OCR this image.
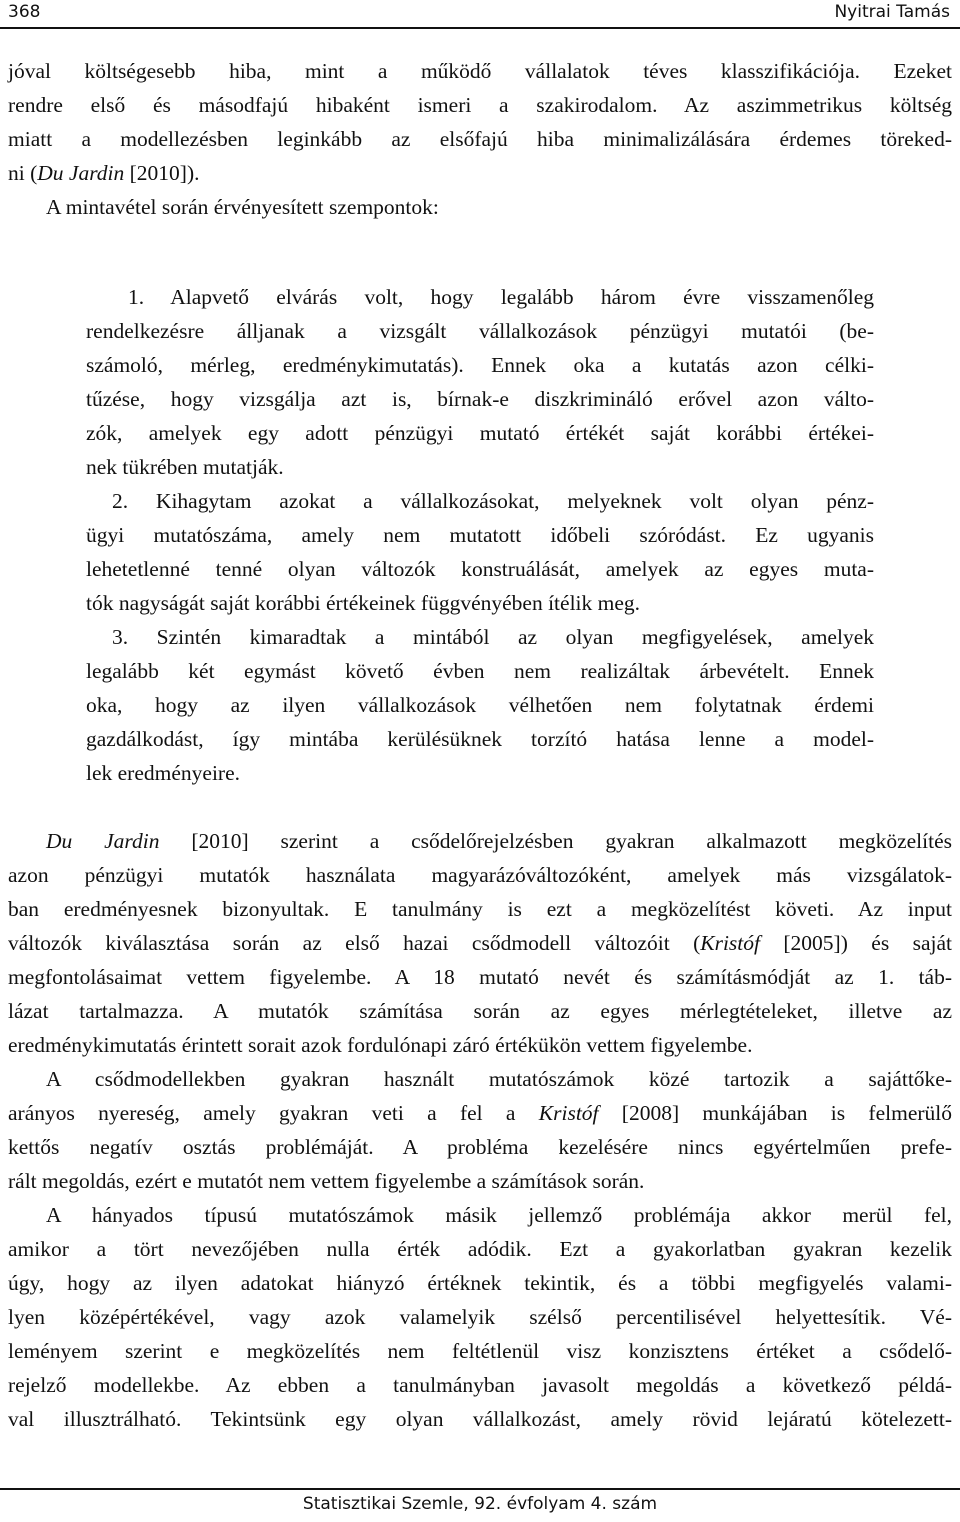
368	Nyitrai Tamás
jóval költségesebb hiba, mint a működő vállalatok téves klasszifikációja. Ezeket
rendre első és másodfajú hibaként ismeri a szakirodalom. Az aszimmetrikus költség
miatt a modellezésben leginkább az elsőfajú hiba minimalizálására érdemes töreked-
ni (Du Jardin [2010]).
A mintavétel során érvényesített szempontok:
1. Alapvető elvárás volt, hogy legalább három évre visszamenőleg
rendelkezésre álljanak a vizsgált vállalkozások pénzügyi mutatói (be-
számoló, mérleg, eredménykimutatás). Ennek oka a kutatás azon célki-
tűzése, hogy vizsgálja azt is, bírnak-e diszkrimináló erővel azon válto-
zók, amelyek egy adott pénzügyi mutató értékét saját korábbi értékei-
nek tükrében mutatják.
2. Kihagytam azokat a vállalkozásokat, melyeknek volt olyan pénz-
ügyi mutatószáma, amely nem mutatott időbeli szóródást. Ez ugyanis
lehetetlenné tenné olyan változók konstruálását, amelyek az egyes muta-
tók nagyságát saját korábbi értékeinek függvényében ítélik meg.
3. Szintén kimaradtak a mintából az olyan megfigyelések, amelyek
legalább két egymást követő évben nem realizáltak árbevételt. Ennek
oka, hogy az ilyen vállalkozások vélhetően nem folytatnak érdemi
gazdálkodást, így mintába kerülésüknek torzító hatása lenne a model-
lek eredményeire.
Du Jardin [2010] szerint a csődelőrejelzésben gyakran alkalmazott megközelítés
azon pénzügyi mutatók használata magyarázóváltozóként, amelyek más vizsgálatok-
ban eredményesnek bizonyultak. E tanulmány is ezt a megközelítést követi. Az input
változók kiválasztása során az első hazai csődmodell változóit (Kristóf [2005]) és saját
megfontolásaimat vettem figyelembe. A 18 mutató nevét és számításmódját az 1. táb-
lázat tartalmazza. A mutatók számítása során az egyes mérlegtételeket, illetve az
eredménykimutatás érintett sorait azok fordulónapi záró értékükön vettem figyelembe.
A csődmodellekben gyakran használt mutatószámok közé tartozik a sajáttőke-
arányos nyereség, amely gyakran veti a fel a Kristóf [2008] munkájában is felmerülő
kettős negatív osztás problémáját. A probléma kezelésére nincs egyértelműen prefe-
rált megoldás, ezért e mutatót nem vettem figyelembe a számítások során.
A hányados típusú mutatószámok másik jellemző problémája akkor merül fel,
amikor a tört nevezőjében nulla érték adódik. Ezt a gyakorlatban gyakran kezelik
úgy, hogy az ilyen adatokat hiányzó értéknek tekintik, és a többi megfigyelés valami-
lyen középértékével, vagy azok valamelyik szélső percentilisével helyettesítik. Vé-
leményem szerint e megközelítés nem feltétlenül visz konzisztens értéket a csődelő-
rejelző modellekbe. Az ebben a tanulmányban javasolt megoldás a következő példá-
val illusztrálható. Tekintsünk egy olyan vállalkozást, amely rövid lejáratú kötelezett-
Statisztikai Szemle, 92. évfolyam 4. szám
